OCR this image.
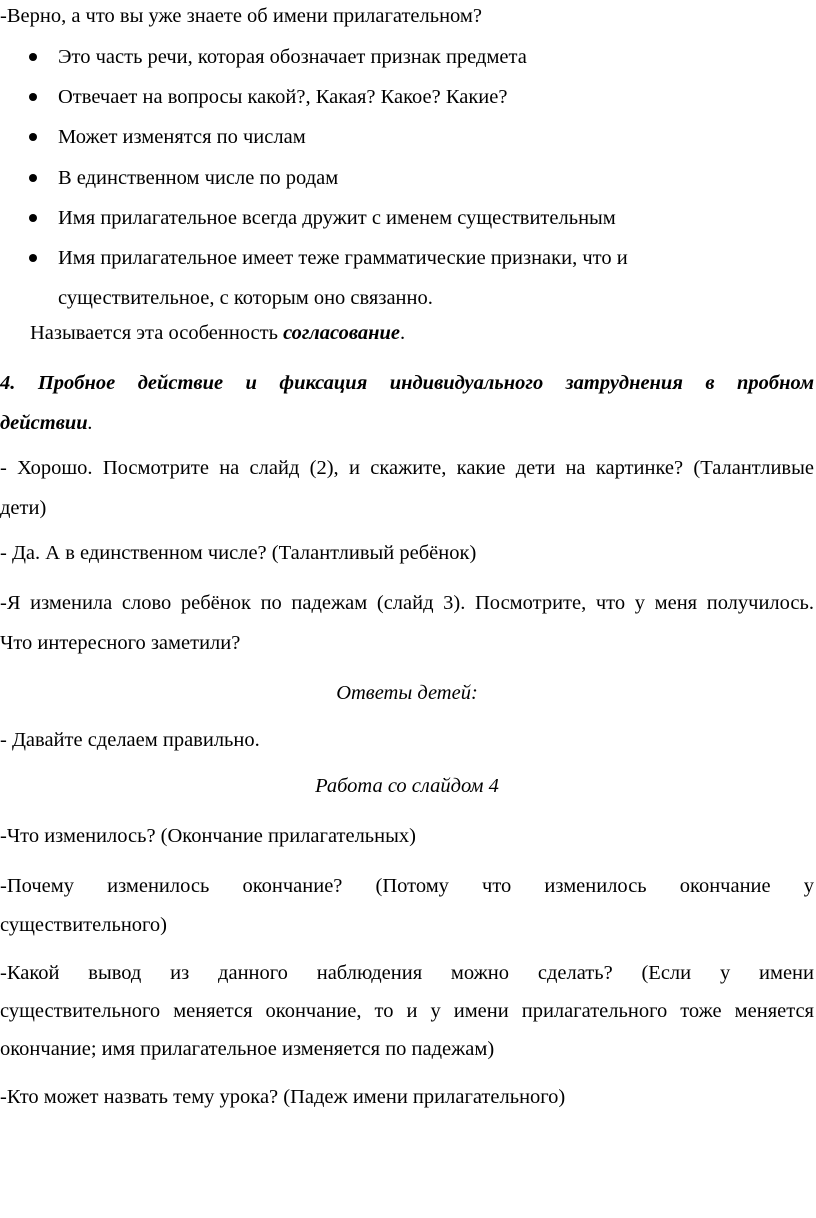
-Верно, а что вы уже знаете об имени прилагательном?
Это часть речи, которая обозначает признак предмета
Отвечает на вопросы какой?, Какая? Какое? Какие?
Может изменятся по числам
В единственном числе по родам
Имя прилагательное всегда дружит с именем существительным
Имя прилагательное имеет теже грамматические признаки, что и
существительное, с которым оно связанно.
Называется эта особенность согласование.
4. Пробное действие и фиксация индивидуального затруднения в пробном
действии.
- Хорошо. Посмотрите на слайд (2), и скажите, какие дети на картинке? (Талантливые
дети)
- Да. А в единственном числе? (Талантливый ребёнок)
-Я изменила слово ребёнок по падежам (слайд 3). Посмотрите, что у меня получилось.
Что интересного заметили?
Ответы детей:
- Давайте сделаем правильно.
Работа со слайдом 4
-Что изменилось? (Окончание прилагательных)
-Почему изменилось окончание? (Потому что изменилось окончание у
существительного)
-Какой вывод из данного наблюдения можно сделать? (Если у имени
существительного меняется окончание, то и у имени прилагательного тоже меняется
окончание; имя прилагательное изменяется по падежам)
-Кто может назвать тему урока? (Падеж имени прилагательного)
